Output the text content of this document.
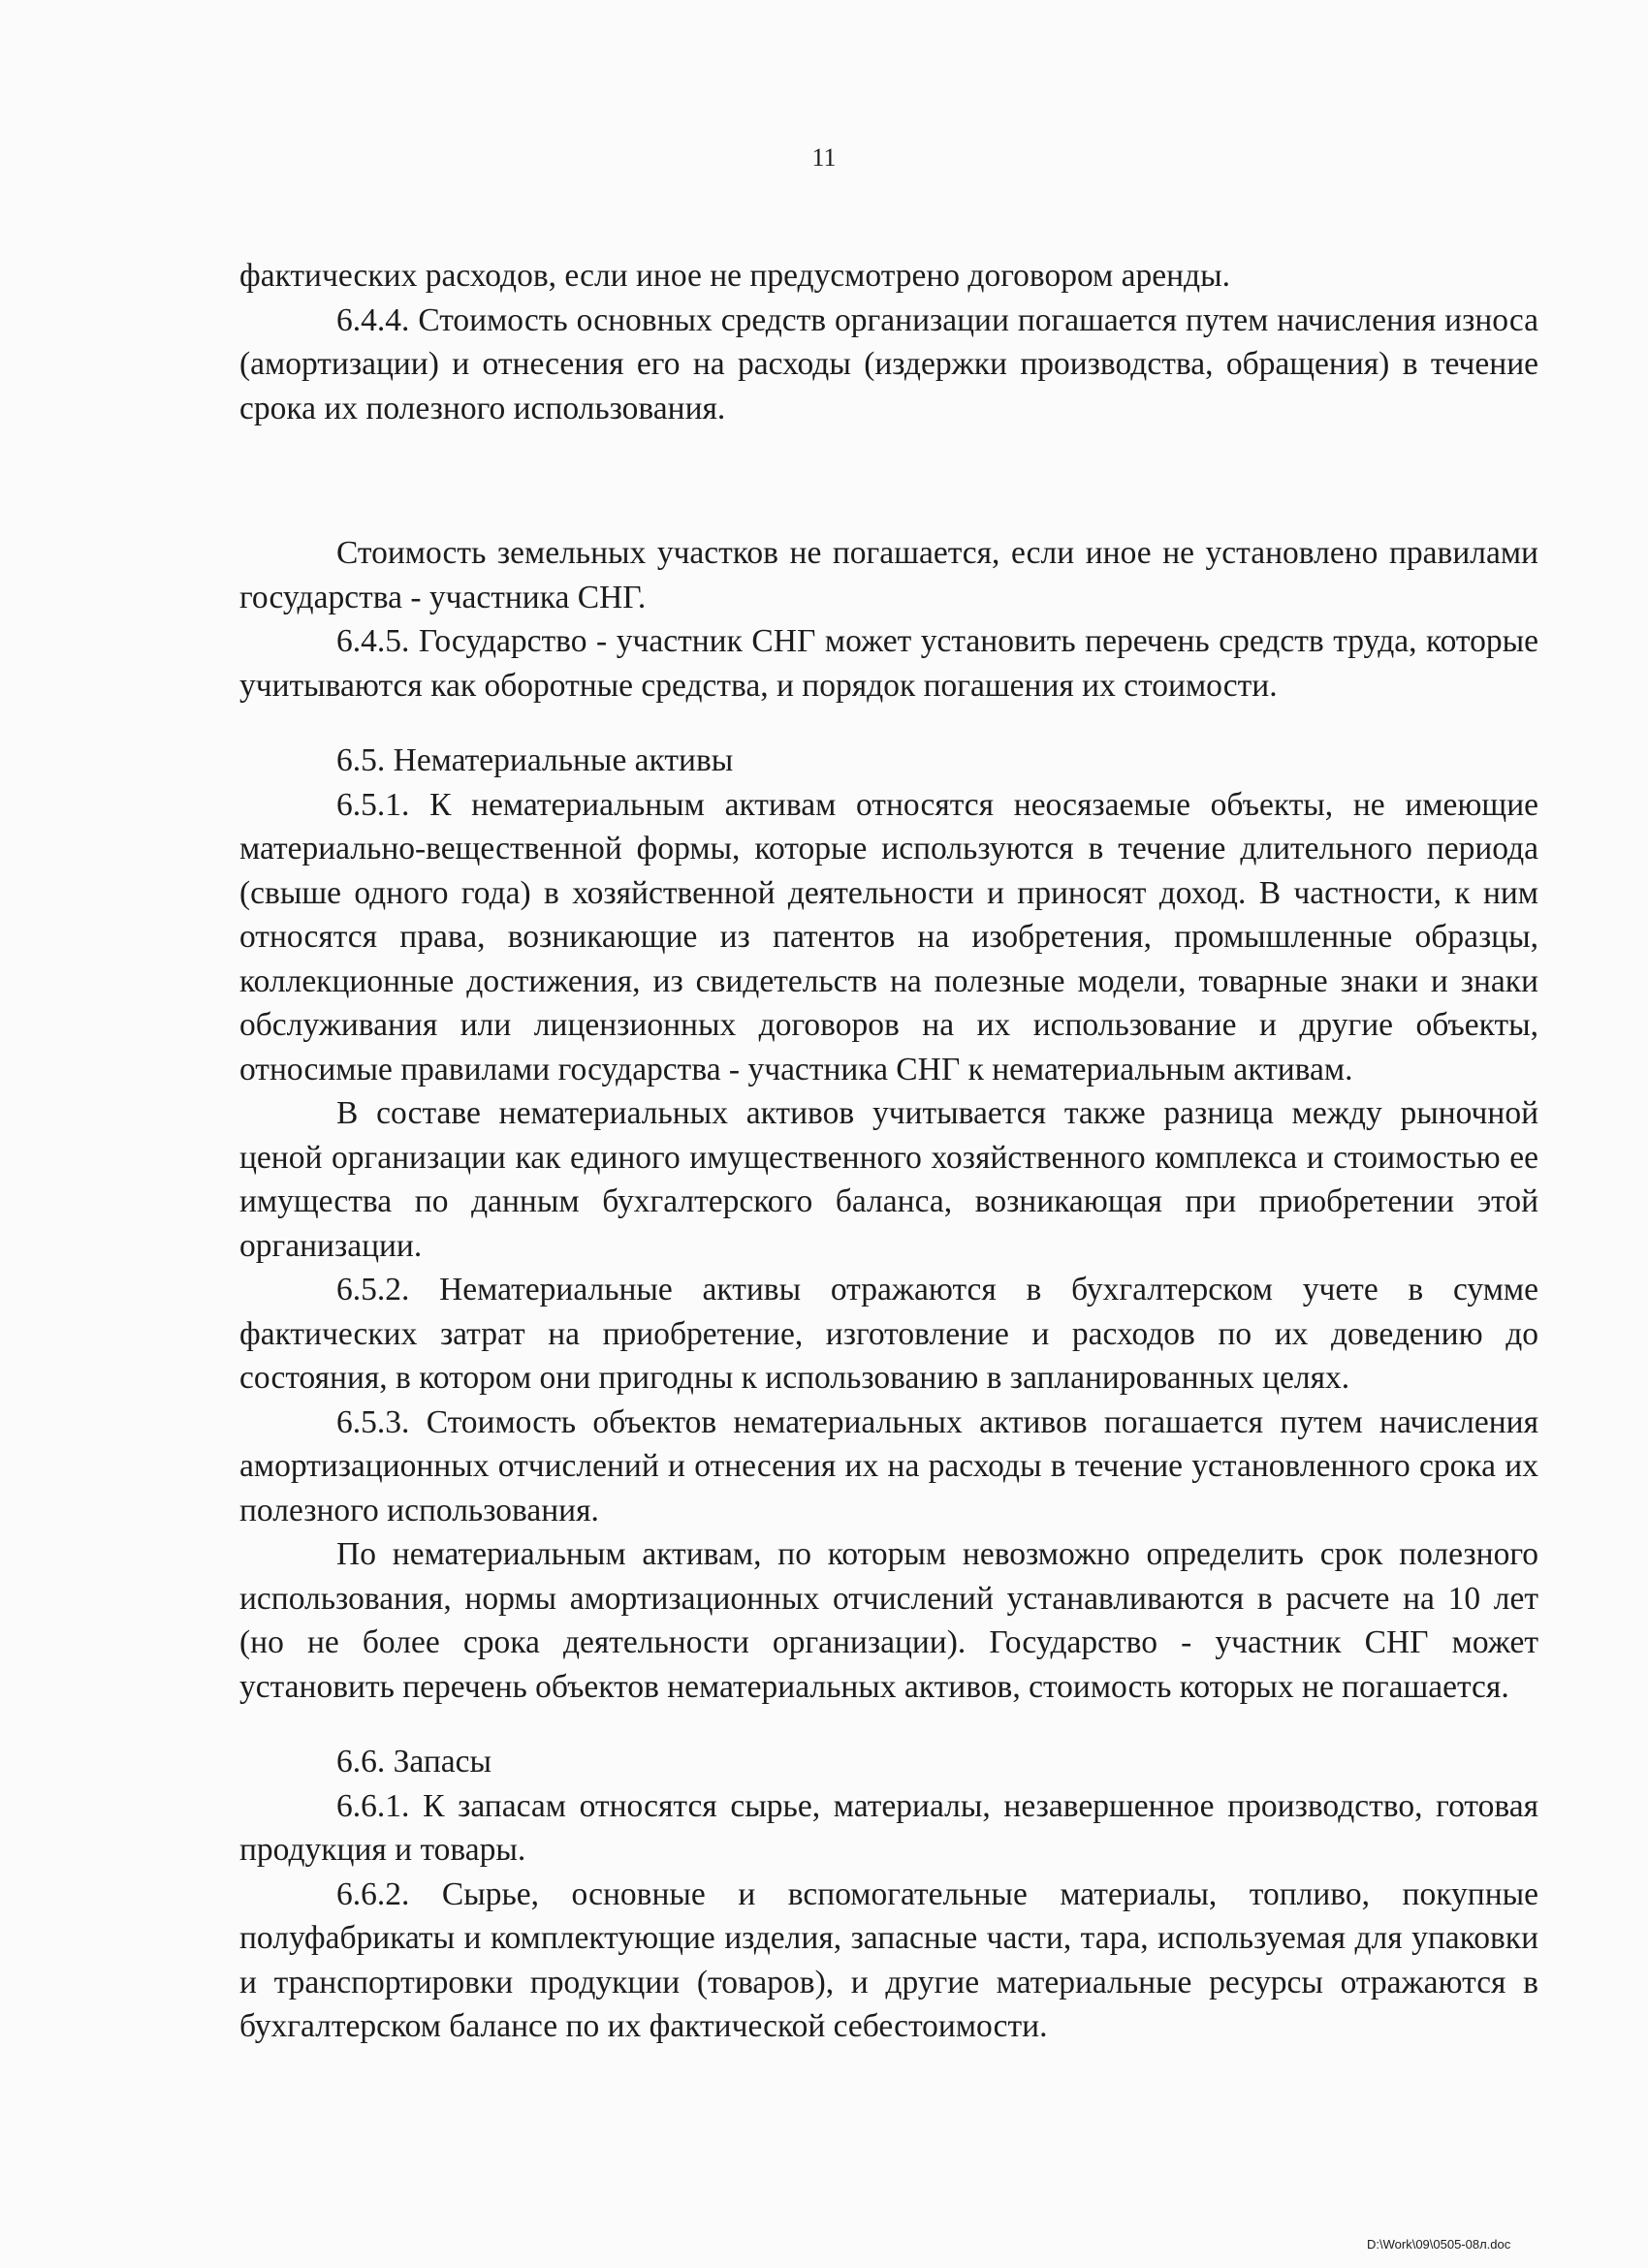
11

фактических расходов, если иное не предусмотрено договором аренды.

6.4.4. Стоимость основных средств организации погашается путем начисления износа (амортизации) и отнесения его на расходы (издержки производства, обращения) в течение срока их полезного использования.

Стоимость земельных участков не погашается, если иное не установлено правилами государства - участника СНГ.

6.4.5. Государство - участник СНГ может установить перечень средств труда, которые учитываются как оборотные средства, и порядок погашения их стоимости.

6.5. Нематериальные активы

6.5.1. К нематериальным активам относятся неосязаемые объекты, не имеющие материально-вещественной формы, которые используются в течение длительного периода (свыше одного года) в хозяйственной деятельности и приносят доход. В частности, к ним относятся права, возникающие из патентов на изобретения, промышленные образцы, коллекционные достижения, из свидетельств на полезные модели, товарные знаки и знаки обслуживания или лицензионных договоров на их использование и другие объекты, относимые правилами государства - участника СНГ к нематериальным активам.

В составе нематериальных активов учитывается также разница между рыночной ценой организации как единого имущественного хозяйственного комплекса и стоимостью ее имущества по данным бухгалтерского баланса, возникающая при приобретении этой организации.

6.5.2. Нематериальные активы отражаются в бухгалтерском учете в сумме фактических затрат на приобретение, изготовление и расходов по их доведению до состояния, в котором они пригодны к использованию в запланированных целях.

6.5.3. Стоимость объектов нематериальных активов погашается путем начисления амортизационных отчислений и отнесения их на расходы в течение установленного срока их полезного использования.

По нематериальным активам, по которым невозможно определить срок полезного использования, нормы амортизационных отчислений устанавливаются в расчете на 10 лет (но не более срока деятельности организации). Государство - участник СНГ может установить перечень объектов нематериальных активов, стоимость которых не погашается.

6.6. Запасы

6.6.1. К запасам относятся сырье, материалы, незавершенное производство, готовая продукция и товары.

6.6.2. Сырье, основные и вспомогательные материалы, топливо, покупные полуфабрикаты и комплектующие изделия, запасные части, тара, используемая для упаковки и транспортировки продукции (товаров), и другие материальные ресурсы отражаются в бухгалтерском балансе по их фактической себестоимости.

D:\Work\09\0505-08л.doc
